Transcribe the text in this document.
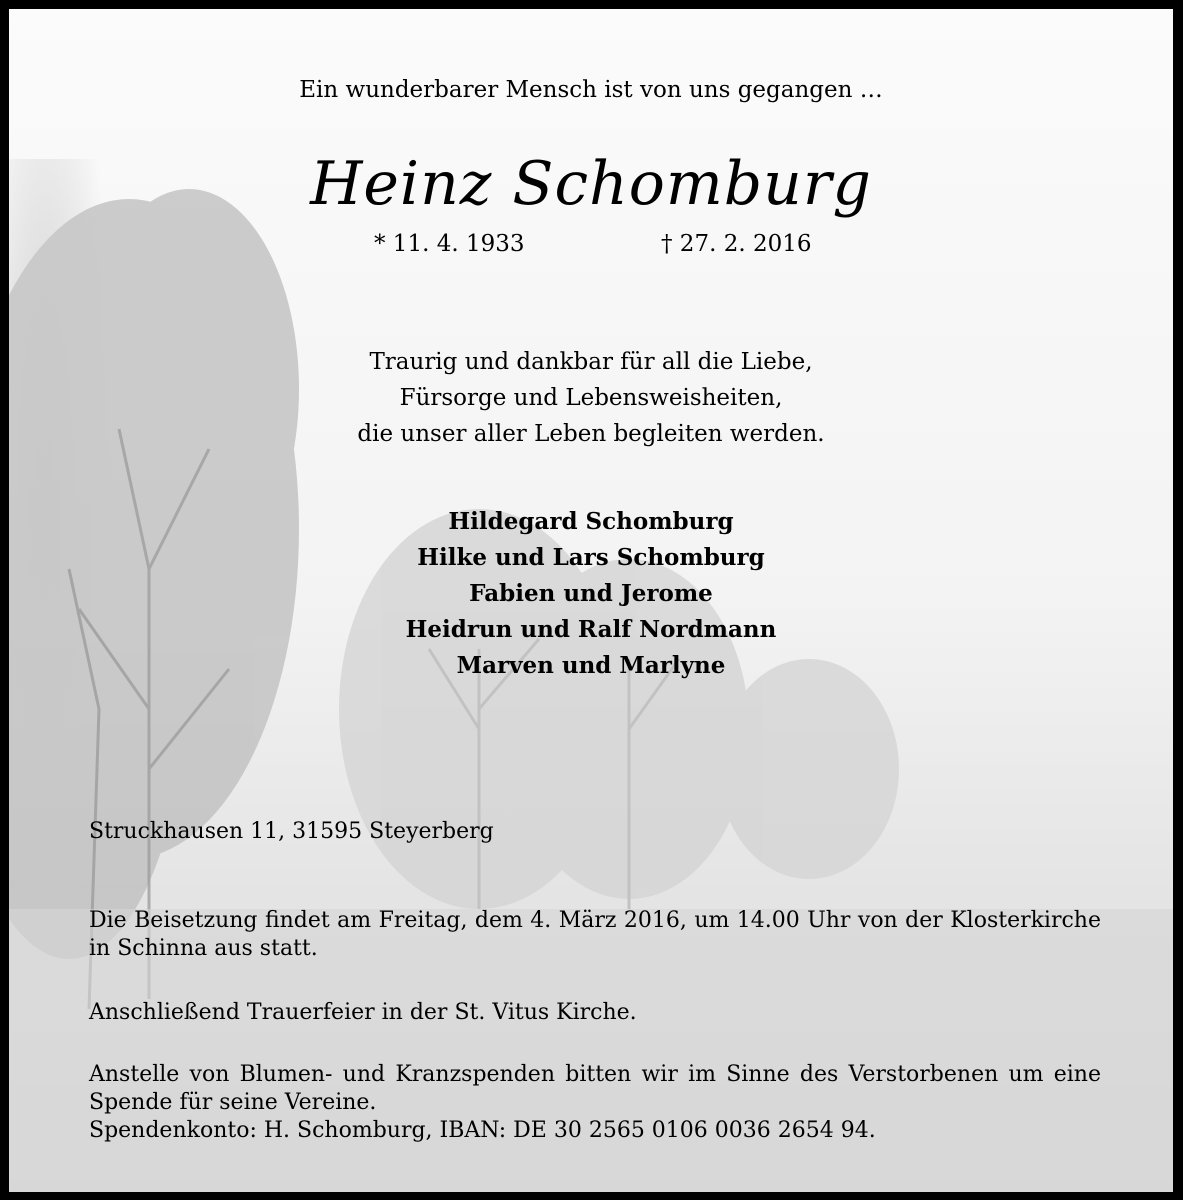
Ein wunderbarer Mensch ist von uns gegangen …
Heinz Schomburg
* 11. 4. 1933	† 27. 2. 2016
Traurig und dankbar für all die Liebe,
Fürsorge und Lebensweisheiten,
die unser aller Leben begleiten werden.
Hildegard Schomburg
Hilke und Lars Schomburg
Fabien und Jerome
Heidrun und Ralf Nordmann
Marven und Marlyne
Struckhausen 11, 31595 Steyerberg
Die Beisetzung findet am Freitag, dem 4. März 2016, um 14.00 Uhr von der Klosterkirche in Schinna aus statt.
Anschließend Trauerfeier in der St. Vitus Kirche.
Anstelle von Blumen- und Kranzspenden bitten wir im Sinne des Verstorbenen um eine Spende für seine Vereine.
Spendenkonto: H. Schomburg, IBAN: DE 30 2565 0106 0036 2654 94.
